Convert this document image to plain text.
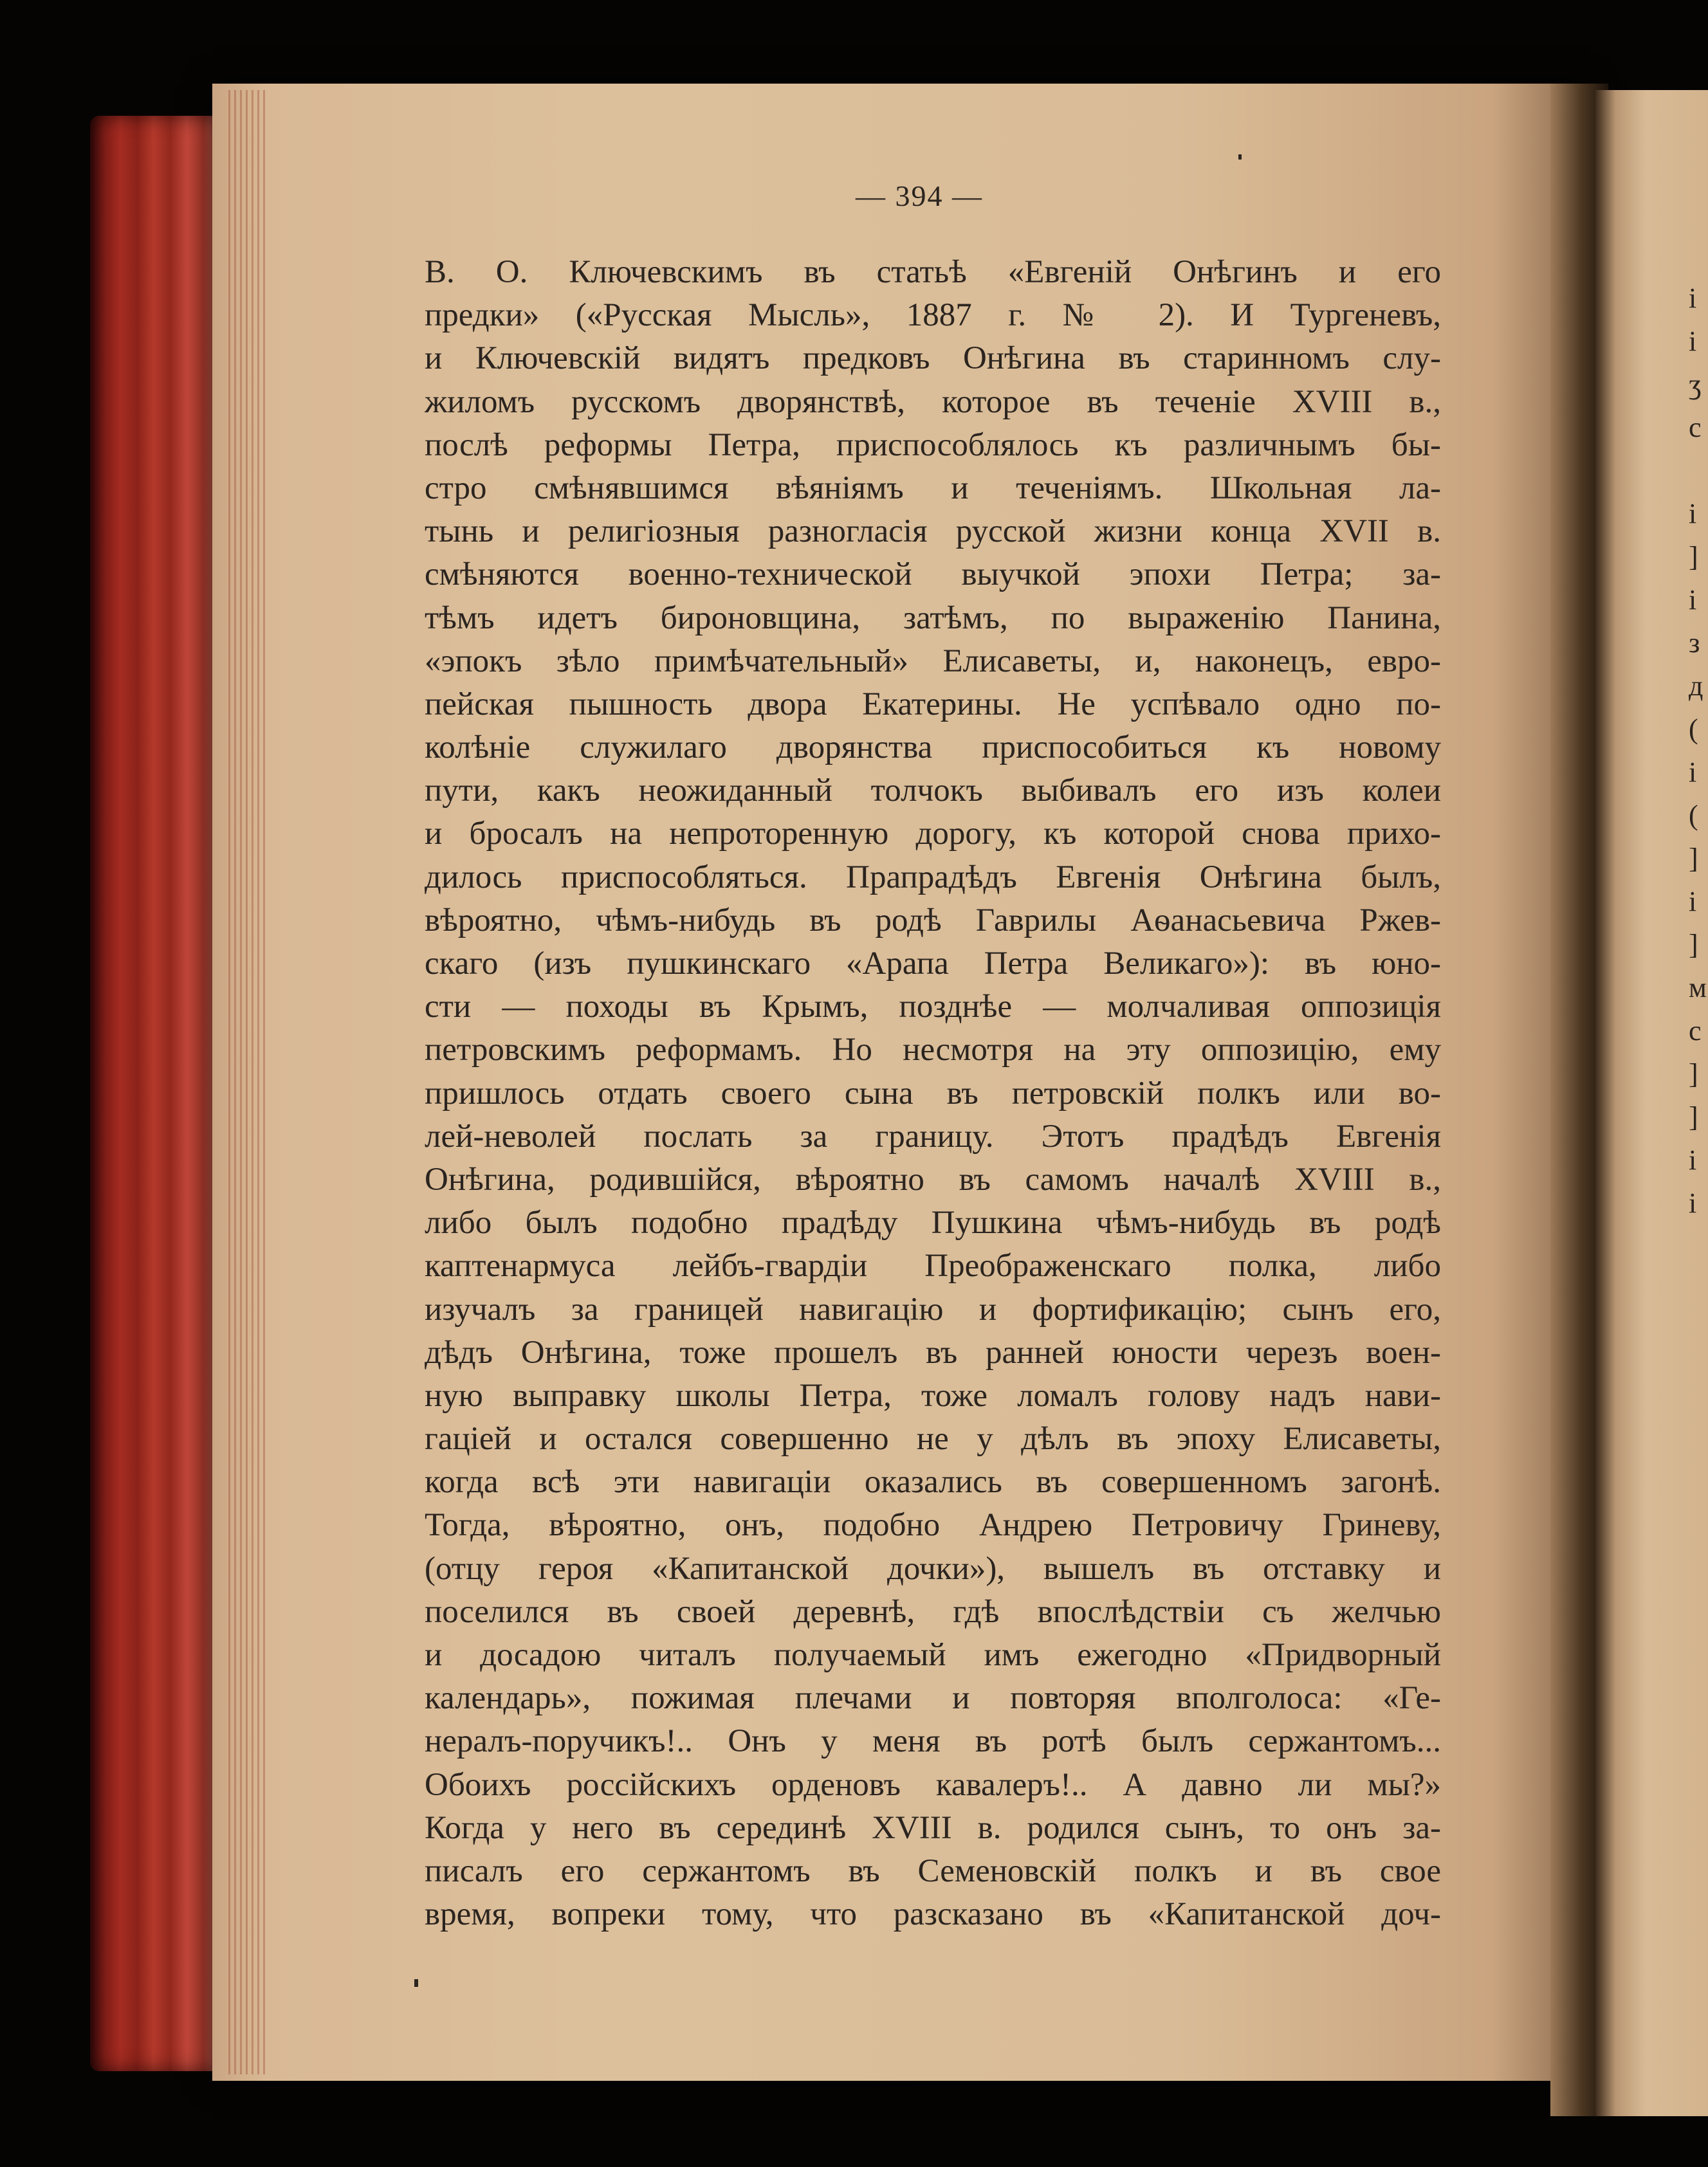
і
і
ʒ
с
і
]
і
з
д
(
і
(
]
і
]
м
с
]
]
і
і
— 394 —
В. О. Ключевскимъ въ статьѣ «Евгеній Онѣгинъ и его
предки» («Русская Мысль», 1887 г. № 2). И Тургеневъ,
и Ключевскій видятъ предковъ Онѣгина въ старинномъ слу-
жиломъ русскомъ дворянствѣ, которое въ теченіе XVIII в.,
послѣ реформы Петра, приспособлялось къ различнымъ бы-
стро смѣнявшимся вѣяніямъ и теченіямъ. Школьная ла-
тынь и религіозныя разногласія русской жизни конца XVII в.
смѣняются военно-технической выучкой эпохи Петра; за-
тѣмъ идетъ бироновщина, затѣмъ, по выраженію Панина,
«эпокъ зѣло примѣчательный» Елисаветы, и, наконецъ, евро-
пейская пышность двора Екатерины. Не успѣвало одно по-
колѣніе служилаго дворянства приспособиться къ новому
пути, какъ неожиданный толчокъ выбивалъ его изъ колеи
и бросалъ на непротоpенную дорогу, къ которой снова прихо-
дилось приспособляться. Прапрадѣдъ Евгенія Онѣгина былъ,
вѣроятно, чѣмъ-нибудь въ родѣ Гаврилы Аѳанасьевича Ржев-
скаго (изъ пушкинскаго «Арапа Петра Великаго»): въ юно-
сти — походы въ Крымъ, позднѣе — молчаливая оппозиція
петровскимъ реформамъ. Но несмотря на эту оппозицію, ему
пришлось отдать своего сына въ петровскій полкъ или во-
лей-неволей послать за границу. Этотъ прадѣдъ Евгенія
Онѣгина, родившійся, вѣроятно въ самомъ началѣ XVIII в.,
либо былъ подобно прадѣду Пушкина чѣмъ-нибудь въ родѣ
каптенармуса лейбъ-гвардіи Преображенскаго полка, либо
изучалъ за границей навигацію и фортификацію; сынъ его,
дѣдъ Онѣгина, тоже прошелъ въ ранней юности черезъ воен-
ную выправку школы Петра, тоже ломалъ голову надъ нави-
гаціей и остался совершенно не у дѣлъ въ эпоху Елисаветы,
когда всѣ эти навигаціи оказались въ совершенномъ загонѣ.
Тогда, вѣроятно, онъ, подобно Андрею Петровичу Гриневу,
(отцу героя «Капитанской дочки»), вышелъ въ отставку и
поселился въ своей деревнѣ, гдѣ впослѣдствіи съ желчью
и досадою читалъ получаемый имъ ежегодно «Придворный
календарь», пожимая плечами и повторяя вполголоса: «Ге-
нералъ-поручикъ!.. Онъ у меня въ ротѣ былъ сержантомъ...
Обоихъ россійскихъ орденовъ кавалеръ!.. А давно ли мы?»
Когда у него въ серединѣ XVIII в. родился сынъ, то онъ за-
писалъ его сержантомъ въ Семеновскій полкъ и въ свое
время, вопреки тому, что разсказано въ «Капитанской доч-
